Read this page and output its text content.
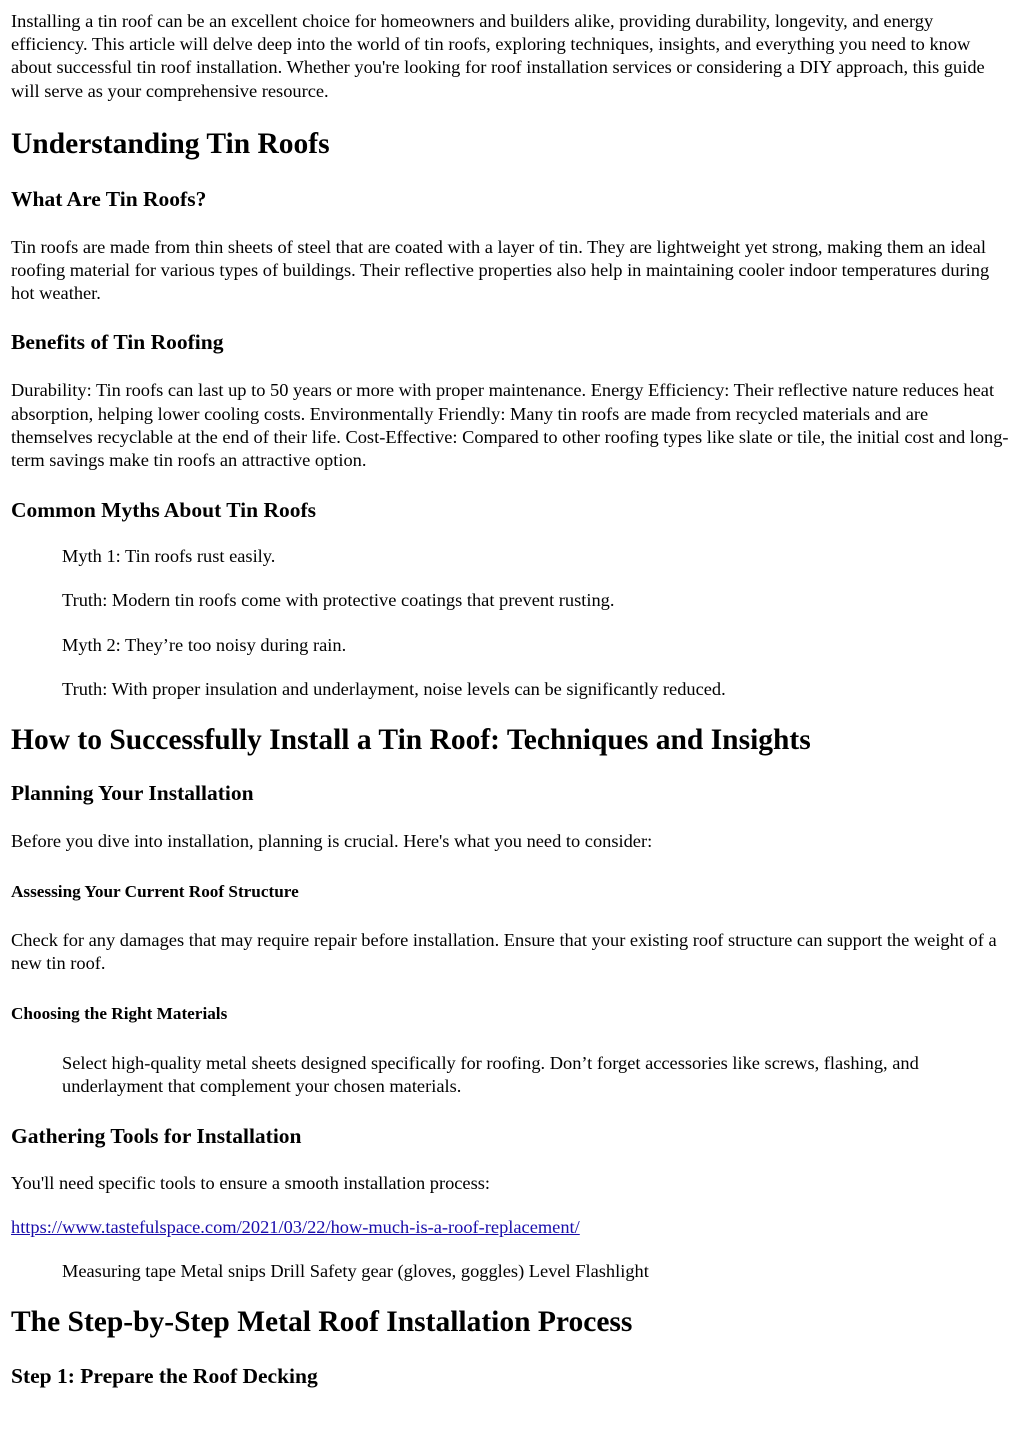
Installing a tin roof can be an excellent choice for homeowners and builders alike, providing durability, longevity, and energy efficiency. This article will delve deep into the world of tin roofs, exploring techniques, insights, and everything you need to know about successful tin roof installation. Whether you're looking for roof installation services or considering a DIY approach, this guide will serve as your comprehensive resource.

Understanding Tin Roofs
What Are Tin Roofs?

Tin roofs are made from thin sheets of steel that are coated with a layer of tin. They are lightweight yet strong, making them an ideal roofing material for various types of buildings. Their reflective properties also help in maintaining cooler indoor temperatures during hot weather.

Benefits of Tin Roofing

Durability: Tin roofs can last up to 50 years or more with proper maintenance. Energy Efficiency: Their reflective nature reduces heat absorption, helping lower cooling costs. Environmentally Friendly: Many tin roofs are made from recycled materials and are themselves recyclable at the end of their life. Cost-Effective: Compared to other roofing types like slate or tile, the initial cost and long-term savings make tin roofs an attractive option.

Common Myths About Tin Roofs

Myth 1: Tin roofs rust easily.

Truth: Modern tin roofs come with protective coatings that prevent rusting.

Myth 2: They’re too noisy during rain.

Truth: With proper insulation and underlayment, noise levels can be significantly reduced.

How to Successfully Install a Tin Roof: Techniques and Insights
Planning Your Installation

Before you dive into installation, planning is crucial. Here's what you need to consider:

Assessing Your Current Roof Structure

Check for any damages that may require repair before installation. Ensure that your existing roof structure can support the weight of a new tin roof.

Choosing the Right Materials

Select high-quality metal sheets designed specifically for roofing. Don’t forget accessories like screws, flashing, and underlayment that complement your chosen materials.

Gathering Tools for Installation

You'll need specific tools to ensure a smooth installation process:

https://www.tastefulspace.com/2021/03/22/how-much-is-a-roof-replacement/

Measuring tape Metal snips Drill Safety gear (gloves, goggles) Level Flashlight

The Step-by-Step Metal Roof Installation Process
Step 1: Prepare the Roof Decking
